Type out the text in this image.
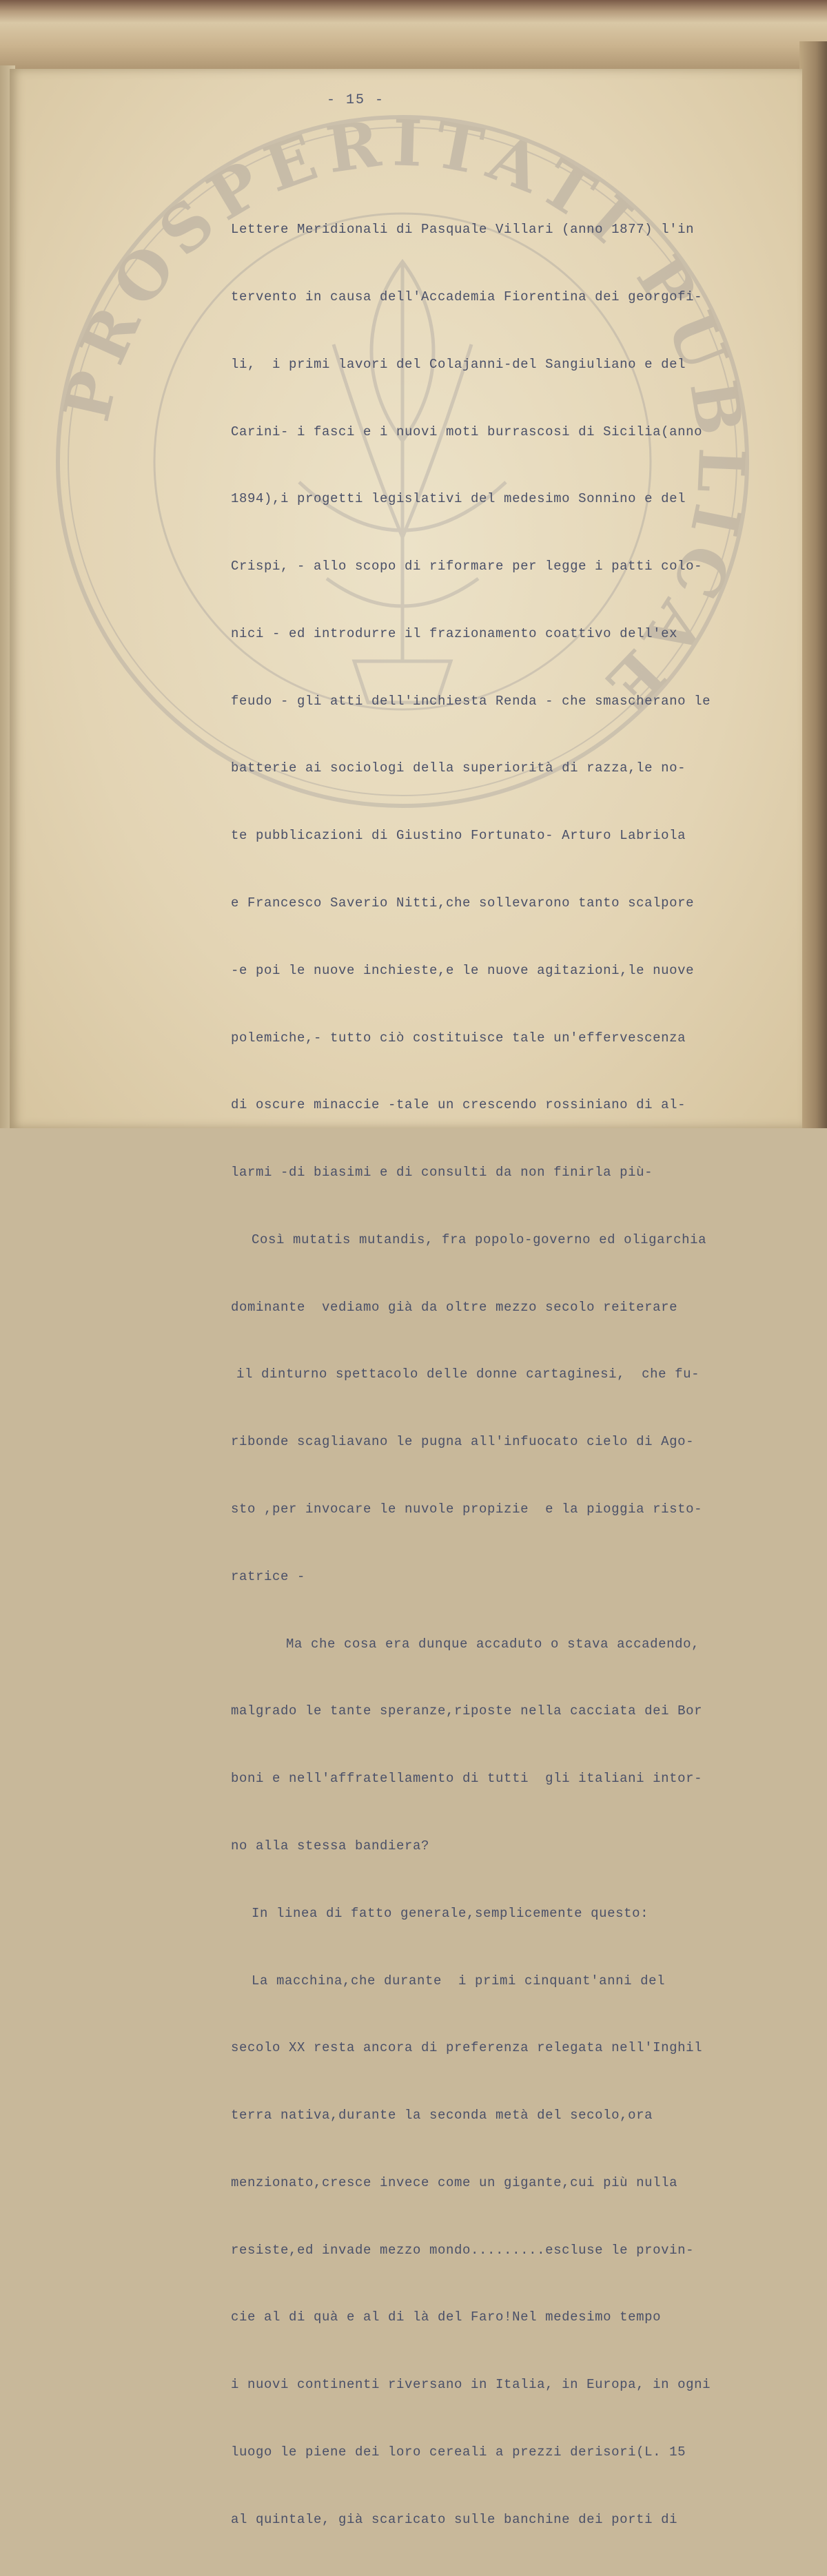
PROSPERITATI PUBLICAE
- 15 -

Lettere Meridionali di Pasquale Villari (anno 1877) l'in

tervento in causa dell'Accademia Fiorentina dei georgofi-

li,  i primi lavori del Colajanni-del Sangiuliano e del

Carini- i fasci e i nuovi moti burrascosi di Sicilia(anno

1894),i progetti legislativi del medesimo Sonnino e del

Crispi, - allo scopo di riformare per legge i patti colo-

nici - ed introdurre il frazionamento coattivo dell'ex

feudo - gli atti dell'inchiesta Renda - che smascherano le

batterie ai sociologi della superiorità di razza,le no-

te pubblicazioni di Giustino Fortunato- Arturo Labriola

e Francesco Saverio Nitti,che sollevarono tanto scalpore

-e poi le nuove inchieste,e le nuove agitazioni,le nuove

polemiche,- tutto ciò costituisce tale un'effervescenza

di oscure minaccie -tale un crescendo rossiniano di al-

larmi -di biasimi e di consulti da non finirla più-

Così mutatis mutandis, fra popolo-governo ed oligarchia

dominante  vediamo già da oltre mezzo secolo reiterare

il dinturno spettacolo delle donne cartaginesi,  che fu-

ribonde scagliavano le pugna all'infuocato cielo di Ago-

sto ,per invocare le nuvole propizie  e la pioggia risto-

ratrice -

Ma che cosa era dunque accaduto o stava accadendo,

malgrado le tante speranze,riposte nella cacciata dei Bor

boni e nell'affratellamento di tutti  gli italiani intor-

no alla stessa bandiera?

In linea di fatto generale,semplicemente questo:

La macchina,che durante  i primi cinquant'anni del

secolo XX resta ancora di preferenza relegata nell'Inghil

terra nativa,durante la seconda metà del secolo,ora

menzionato,cresce invece come un gigante,cui più nulla

resiste,ed invade mezzo mondo.........escluse le provin-

cie al di quà e al di là del Faro!Nel medesimo tempo

i nuovi continenti riversano in Italia, in Europa, in ogni

luogo le piene dei loro cereali a prezzi derisori(L. 15

al quintale, già scaricato sulle banchine dei porti di
